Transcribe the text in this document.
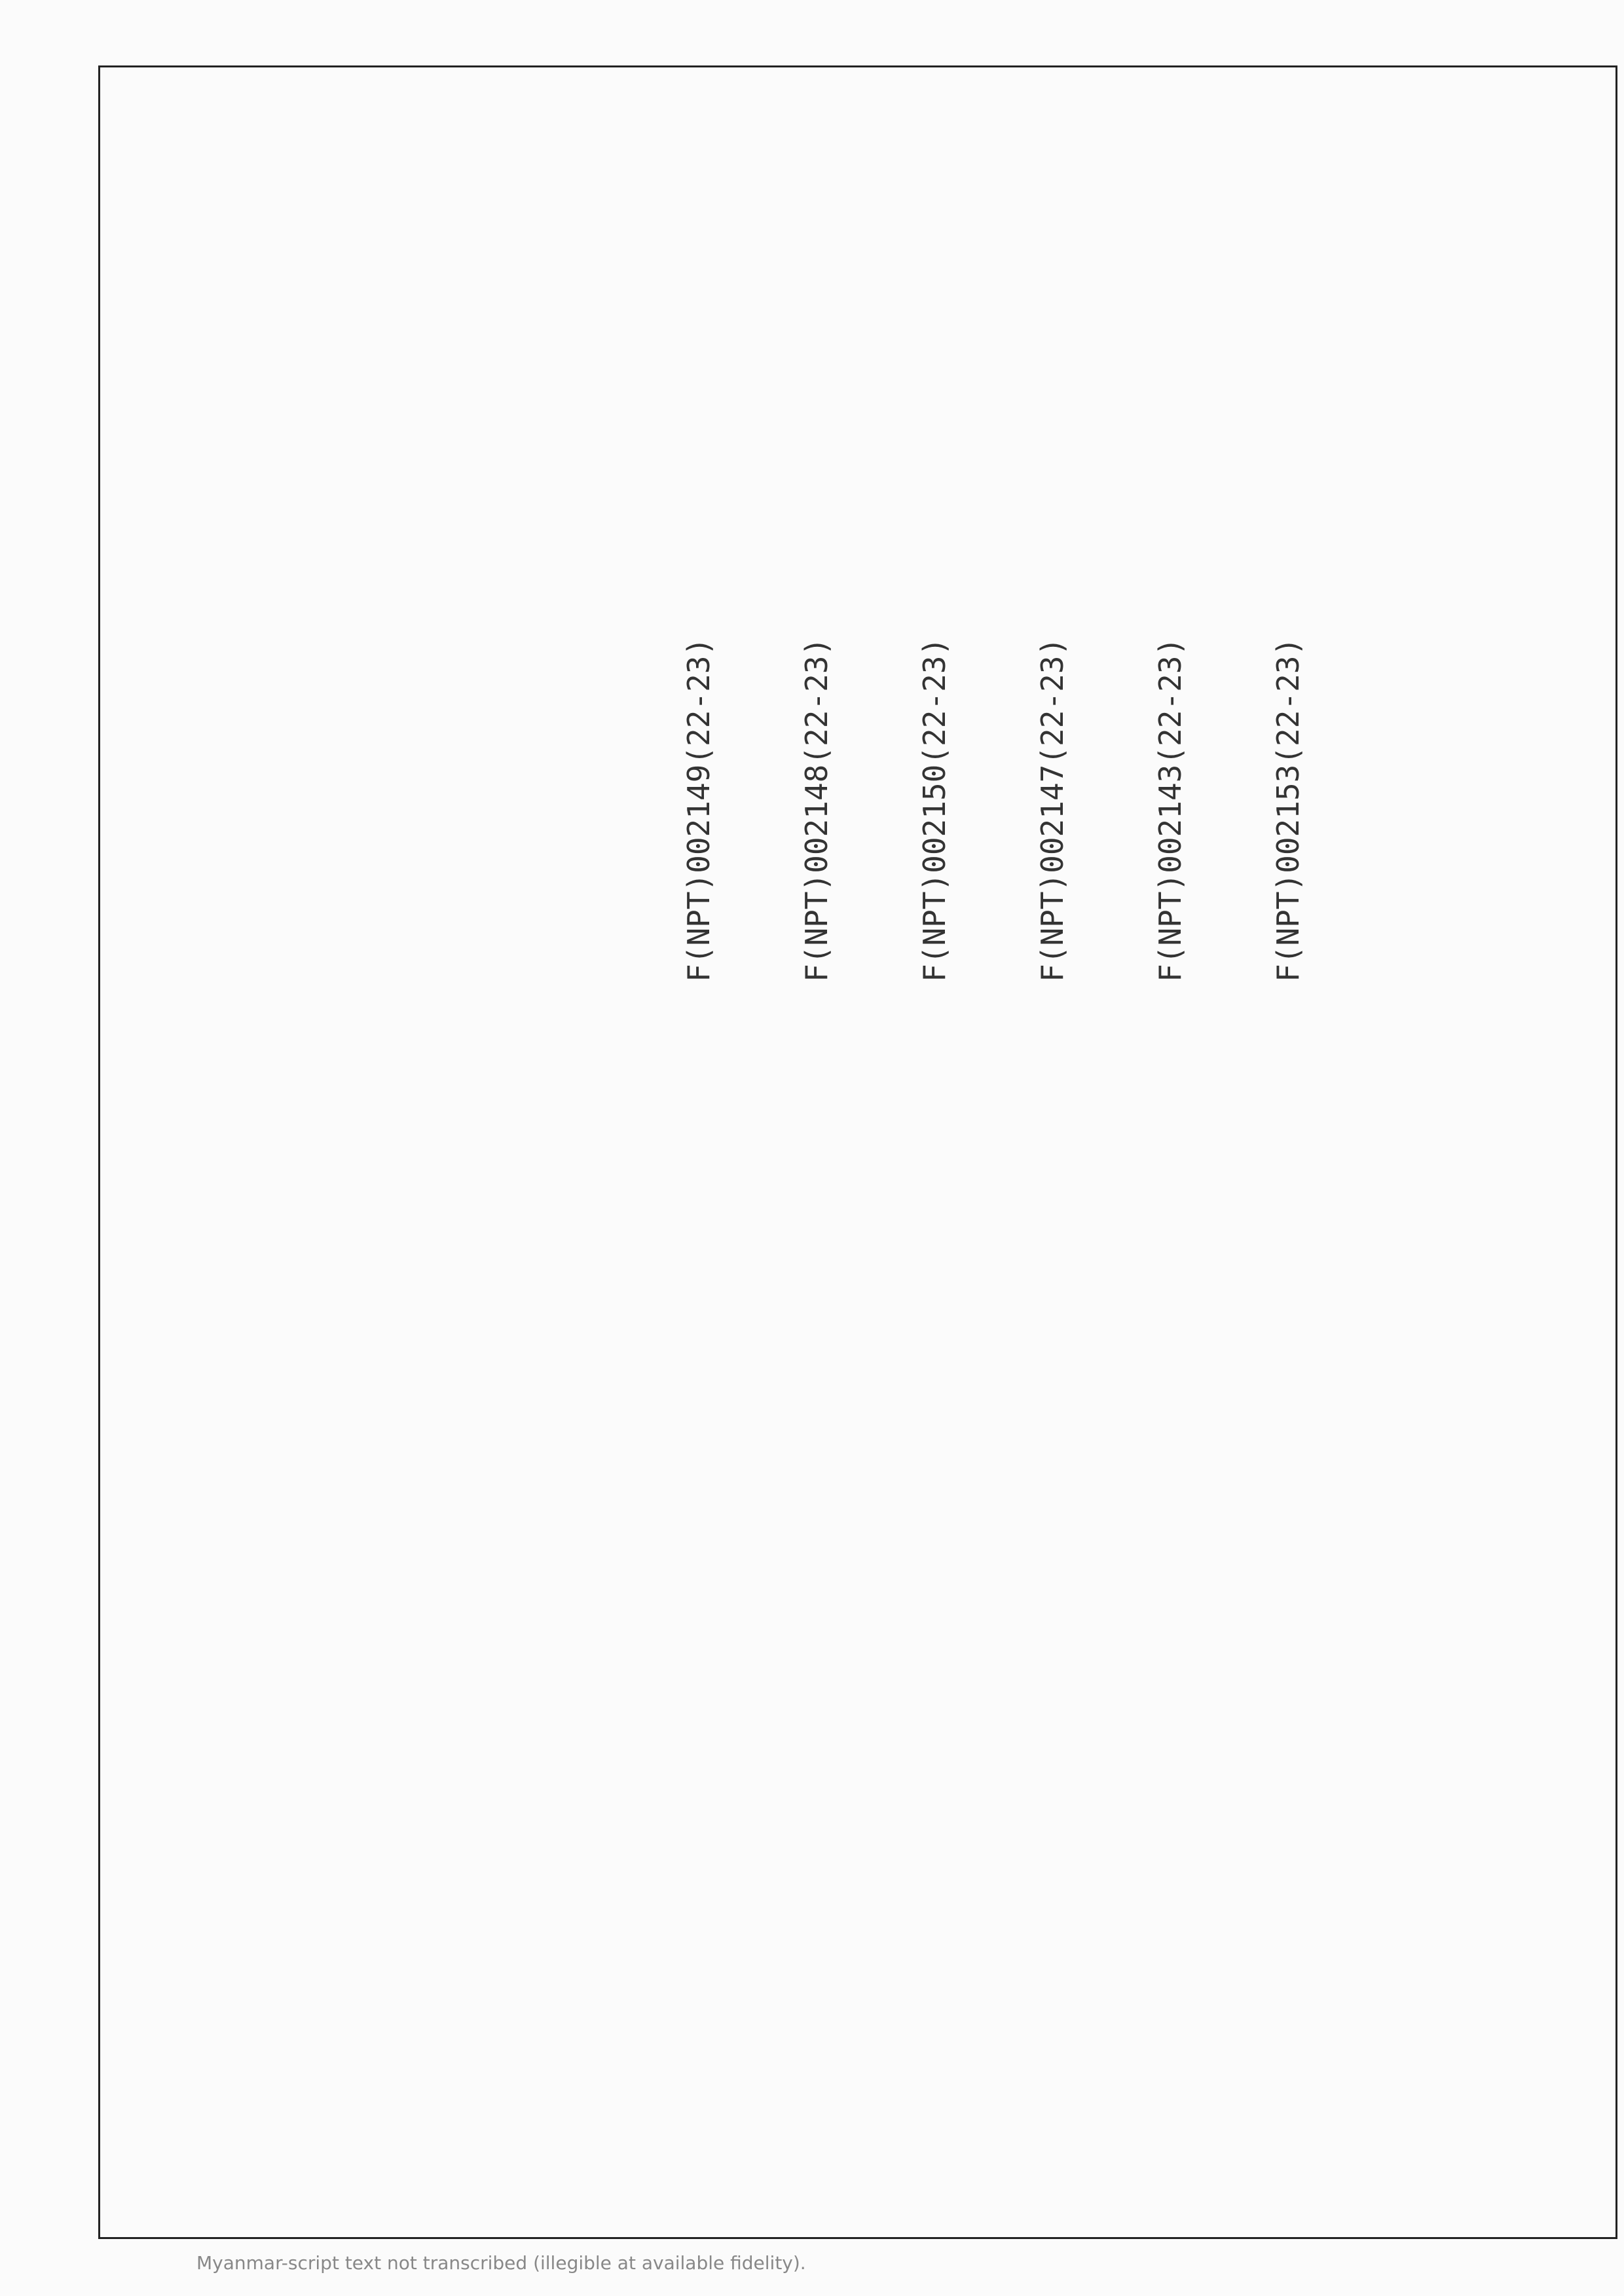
F(NPT)002149(22-23)	F(NPT)002148(22-23)	F(NPT)002150(22-23)	F(NPT)002147(22-23)	F(NPT)002143(22-23)	F(NPT)002153(22-23)
Myanmar-script text not transcribed (illegible at available fidelity).
